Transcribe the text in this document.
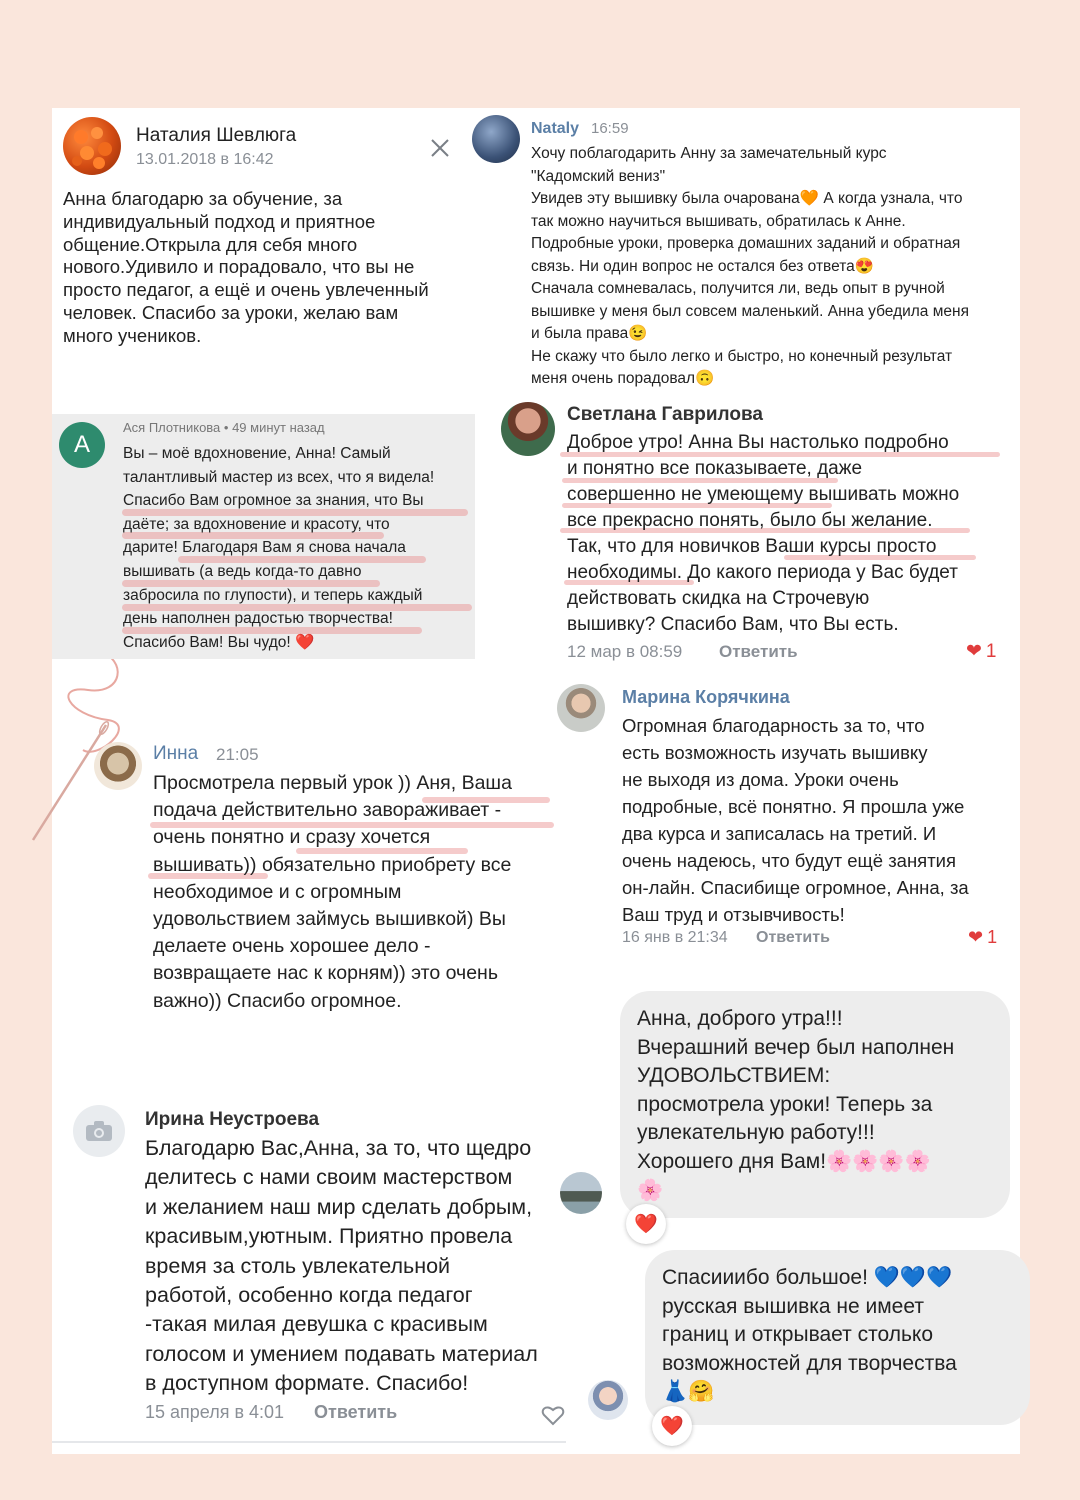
Наталия Шевлюга
13.01.2018 в 16:42
Анна благодарю за обучение, за
индивидуальный подход и приятное
общение.Открыла для себя много
нового.Удивило и порадовало, что вы не
просто педагог, а ещё и очень увлеченный
человек. Спасибо за уроки, желаю вам
много учеников.
Nataly 16:59
Хочу поблагодарить Анну за замечательный курс
"Кадомский вениз"
Увидев эту вышивку была очарована🧡 А когда узнала, что
так можно научиться вышивать, обратилась к Анне.
Подробные уроки, проверка домашних заданий и обратная
связь. Ни один вопрос не остался без ответа😍
Сначала сомневалась, получится ли, ведь опыт в ручной
вышивке у меня был совсем маленький. Анна убедила меня
и была права😉
Не скажу что было легко и быстро, но конечный результат
меня очень порадовал🙃
А
Ася Плотникова • 49 минут назад
Вы – моё вдохновение, Анна! Самый
талантливый мастер из всех, что я видела!
Спасибо Вам огромное за знания, что Вы
даёте; за вдохновение и красоту, что
дарите! Благодаря Вам я снова начала
вышивать (а ведь когда-то давно
забросила по глупости), и теперь каждый
день наполнен радостью творчества!
Спасибо Вам! Вы чудо! ❤️
Светлана Гаврилова
Доброе утро! Анна Вы настолько подробно
и понятно все показываете, даже
совершенно не умеющему вышивать можно
все прекрасно понять, было бы желание.
Так, что для новичков Ваши курсы просто
необходимы. До какого периода у Вас будет
действовать скидка на Строчевую
вышивку? Спасибо Вам, что Вы есть.
12 мар в 08:59 Ответить	❤ 1
Марина Корячкина
Огромная благодарность за то, что
есть возможность изучать вышивку
не выходя из дома. Уроки очень
подробные, всё понятно. Я прошла уже
два курса и записалась на третий. И
очень надеюсь, что будут ещё занятия
он-лайн. Спасибище огромное, Анна, за
Ваш труд и отзывчивость!
16 янв в 21:34 Ответить	❤ 1
Инна 21:05
Просмотрела первый урок )) Аня, Ваша
подача действительно завораживает -
очень понятно и сразу хочется
вышивать)) обязательно приобрету все
необходимое и с огромным
удовольствием займусь вышивкой) Вы
делаете очень хорошее дело -
возвращаете нас к корням)) это очень
важно)) Спасибо огромное.
Анна, доброго утра!!!
Вчерашний вечер был наполнен
УДОВОЛЬСТВИЕМ:
просмотрела уроки! Теперь за
увлекательную работу!!!
Хорошего дня Вам!🌸🌸🌸🌸
🌸
❤️
Ирина Неустроева
Благодарю Вас,Анна, за то, что щедро
делитесь с нами своим мастерством
и желанием наш мир сделать добрым,
красивым,уютным. Приятно провела
время за столь увлекательной
работой, особенно когда педагог
-такая милая девушка с красивым
голосом и умением подавать материал
в доступном формате. Спасибо!
15 апреля в 4:01 Ответить
Спасииибо большое! 💙💙💙
русская вышивка не имеет
границ и открывает столько
возможностей для творчества
👗🤗
❤️
